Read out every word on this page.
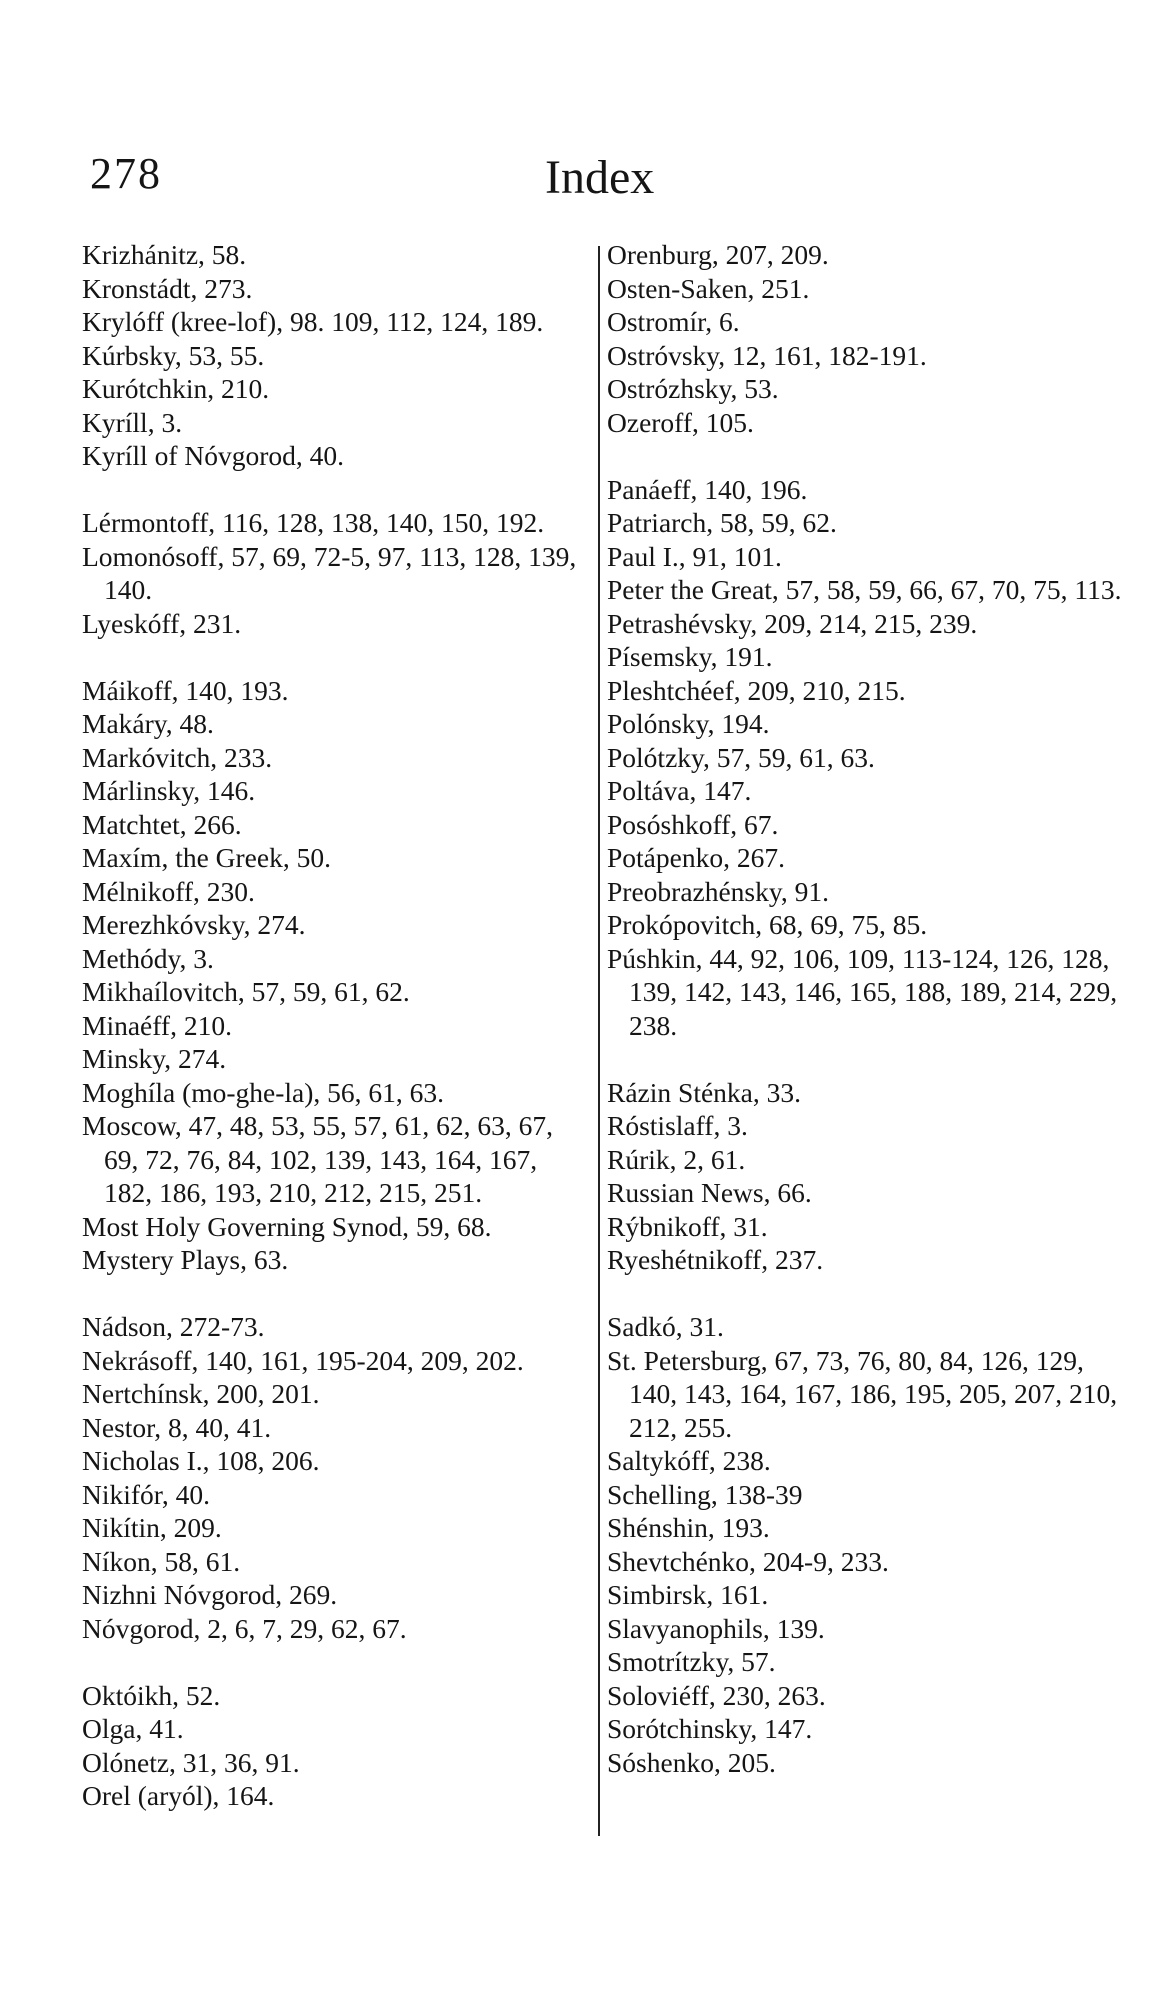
278	Index
Krizhánitz, 58.
Kronstádt, 273.
Krylóff (kree-lof), 98. 109, 112, 124, 189.
Kúrbsky, 53, 55.
Kurótchkin, 210.
Kyríll, 3.
Kyríll of Nóvgorod, 40.
Lérmontoff, 116, 128, 138, 140, 150, 192.
Lomonósoff, 57, 69, 72-5, 97, 113, 128, 139, 140.
Lyeskóff, 231.
Máikoff, 140, 193.
Makáry, 48.
Markóvitch, 233.
Márlinsky, 146.
Matchtet, 266.
Maxím, the Greek, 50.
Mélnikoff, 230.
Merezhkóvsky, 274.
Methódy, 3.
Mikhaílovitch, 57, 59, 61, 62.
Minaéff, 210.
Minsky, 274.
Moghíla (mo-ghe-la), 56, 61, 63.
Moscow, 47, 48, 53, 55, 57, 61, 62, 63, 67, 69, 72, 76, 84, 102, 139, 143, 164, 167, 182, 186, 193, 210, 212, 215, 251.
Most Holy Governing Synod, 59, 68.
Mystery Plays, 63.
Nádson, 272-73.
Nekrásoff, 140, 161, 195-204, 209, 202.
Nertchínsk, 200, 201.
Nestor, 8, 40, 41.
Nicholas I., 108, 206.
Nikifór, 40.
Nikítin, 209.
Níkon, 58, 61.
Nizhni Nóvgorod, 269.
Nóvgorod, 2, 6, 7, 29, 62, 67.
Októikh, 52.
Olga, 41.
Olónetz, 31, 36, 91.
Orel (aryól), 164.
Orenburg, 207, 209.
Osten-Saken, 251.
Ostromír, 6.
Ostróvsky, 12, 161, 182-191.
Ostrózhsky, 53.
Ozeroff, 105.
Panáeff, 140, 196.
Patriarch, 58, 59, 62.
Paul I., 91, 101.
Peter the Great, 57, 58, 59, 66, 67, 70, 75, 113.
Petrashévsky, 209, 214, 215, 239.
Písemsky, 191.
Pleshtchéef, 209, 210, 215.
Polónsky, 194.
Polótzky, 57, 59, 61, 63.
Poltáva, 147.
Posóshkoff, 67.
Potápenko, 267.
Preobrazhénsky, 91.
Prokópovitch, 68, 69, 75, 85.
Púshkin, 44, 92, 106, 109, 113-124, 126, 128, 139, 142, 143, 146, 165, 188, 189, 214, 229, 238.
Rázin Sténka, 33.
Róstislaff, 3.
Rúrik, 2, 61.
Russian News, 66.
Rýbnikoff, 31.
Ryeshétnikoff, 237.
Sadkó, 31.
St. Petersburg, 67, 73, 76, 80, 84, 126, 129, 140, 143, 164, 167, 186, 195, 205, 207, 210, 212, 255.
Saltykóff, 238.
Schelling, 138-39
Shénshin, 193.
Shevtchénko, 204-9, 233.
Simbirsk, 161.
Slavyanophils, 139.
Smotrítzky, 57.
Soloviéff, 230, 263.
Sorótchinsky, 147.
Sóshenko, 205.
